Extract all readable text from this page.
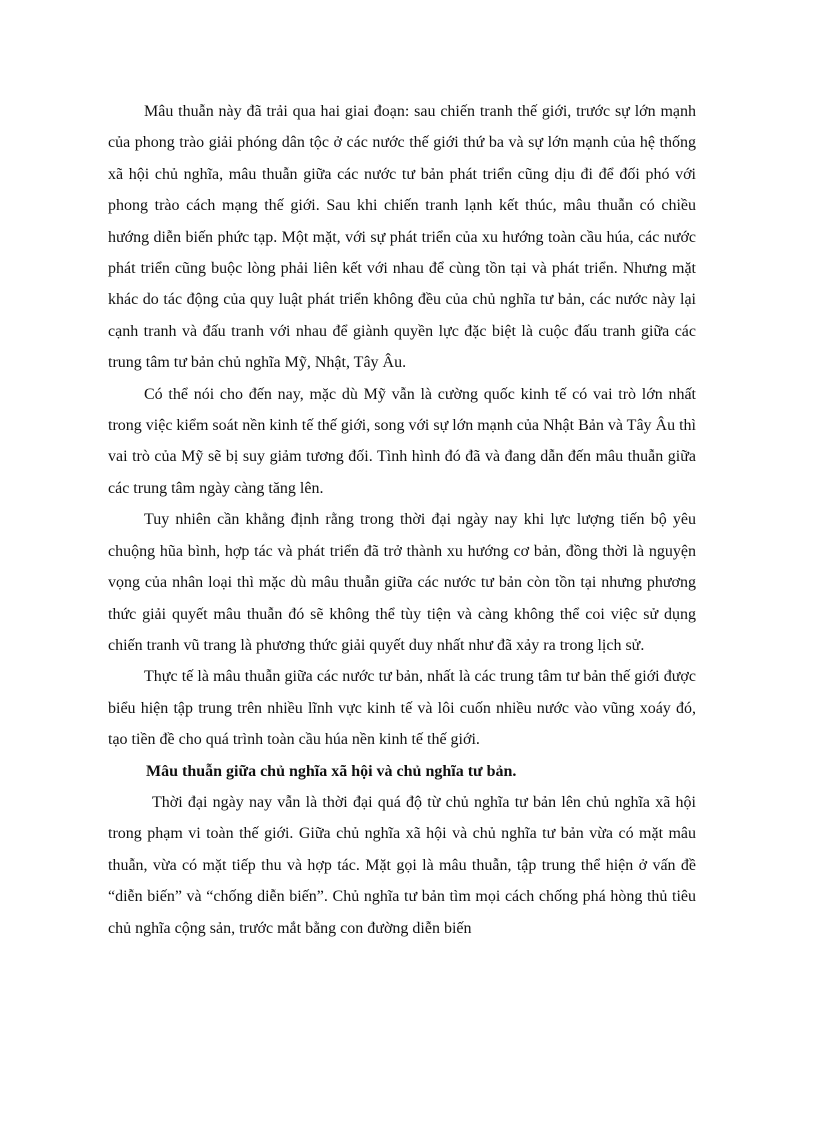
Mâu thuẫn này đã trải qua hai giai đoạn: sau chiến tranh thế giới, trước sự lớn mạnh của phong trào giải phóng dân tộc ở các nước thế giới thứ ba và sự lớn mạnh của hệ thống xã hội chủ nghĩa, mâu thuẫn giữa các nước tư bản phát triển cũng dịu đi để đối phó với phong trào cách mạng thế giới. Sau khi chiến tranh lạnh kết thúc, mâu thuẫn có chiều hướng diễn biến phức tạp. Một mặt, với sự phát triển của xu hướng toàn cầu húa, các nước phát triển cũng buộc lòng phải liên kết với nhau để cùng tồn tại và phát triển. Nhưng mặt khác do tác động của quy luật phát triển không đều của chủ nghĩa tư bản, các nước này lại cạnh tranh và đấu tranh với nhau để giành quyền lực đặc biệt là cuộc đấu tranh giữa các trung tâm tư bản chủ nghĩa Mỹ, Nhật, Tây Âu.

Có thể nói cho đến nay, mặc dù Mỹ vẫn là cường quốc kinh tế có vai trò lớn nhất trong việc kiểm soát nền kinh tế thế giới, song với sự lớn mạnh của Nhật Bản và Tây Âu thì vai trò của Mỹ sẽ bị suy giảm tương đối. Tình hình đó đã và đang dẫn đến mâu thuẫn giữa các trung tâm ngày càng tăng lên.

Tuy nhiên cần khẳng định rằng trong thời đại ngày nay khi lực lượng tiến bộ yêu chuộng hũa bình, hợp tác và phát triển đã trở thành xu hướng cơ bản, đồng thời là nguyện vọng của nhân loại thì mặc dù mâu thuẫn giữa các nước tư bản còn tồn tại nhưng phương thức giải quyết mâu thuẫn đó sẽ không thể tùy tiện và càng không thể coi việc sử dụng chiến tranh vũ trang là phương thức giải quyết duy nhất như đã xảy ra trong lịch sử.

Thực tế là mâu thuẫn giữa các nước tư bản, nhất là các trung tâm tư bản thế giới được biểu hiện tập trung trên nhiều lĩnh vực kinh tế và lôi cuốn nhiều nước vào vũng xoáy đó, tạo tiền đề cho quá trình toàn cầu húa nền kinh tế thế giới.

Mâu thuẫn giữa chủ nghĩa xã hội và chủ nghĩa tư bản.

Thời đại ngày nay vẫn là thời đại quá độ từ chủ nghĩa tư bản lên chủ nghĩa xã hội trong phạm vi toàn thế giới. Giữa chủ nghĩa xã hội và chủ nghĩa tư bản vừa có mặt mâu thuẫn, vừa có mặt tiếp thu và hợp tác. Mặt gọi là mâu thuẫn, tập trung thể hiện ở vấn đề “diễn biến” và “chống diễn biến”. Chủ nghĩa tư bản tìm mọi cách chống phá hòng thủ tiêu chủ nghĩa cộng sản, trước mắt bằng con đường diễn biến
